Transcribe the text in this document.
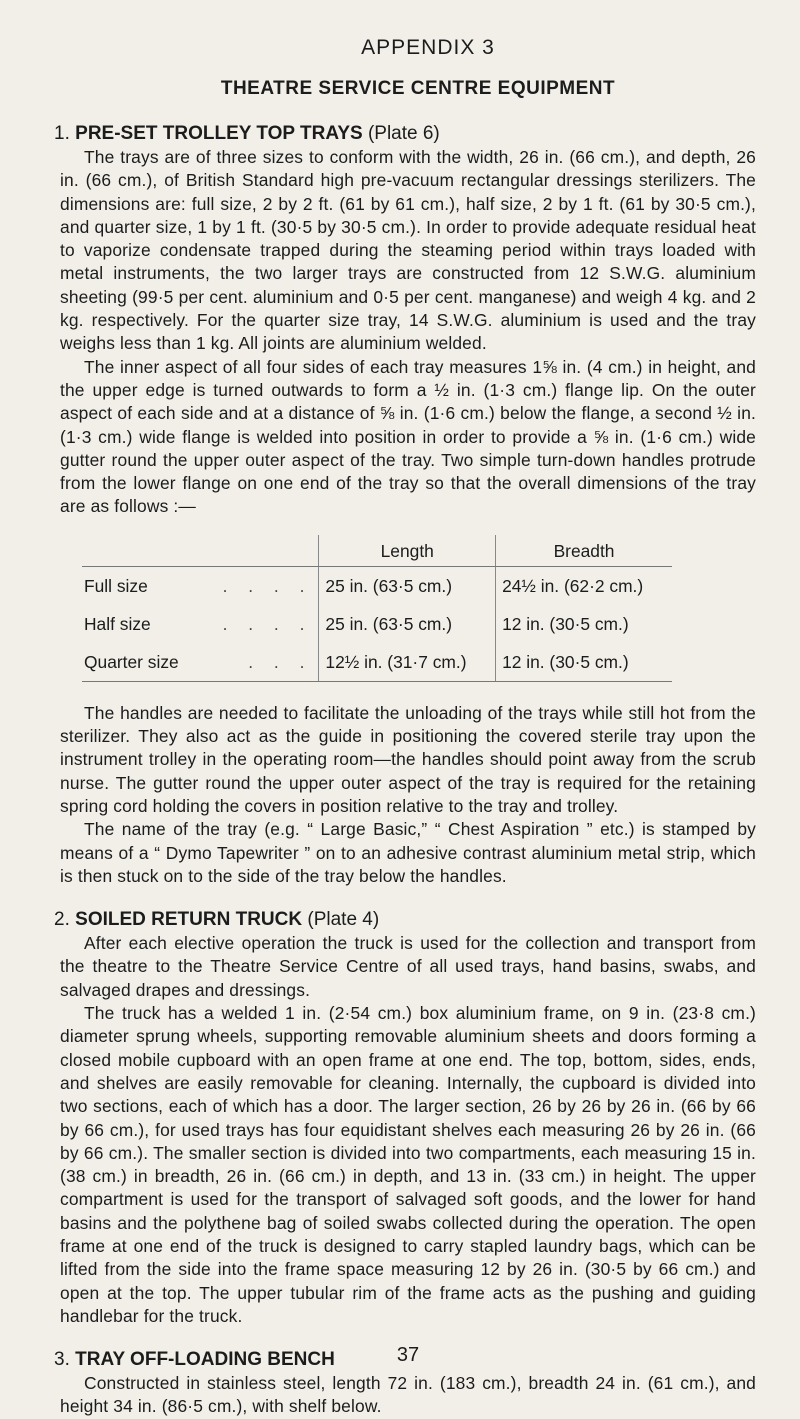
APPENDIX 3
THEATRE SERVICE CENTRE EQUIPMENT
1. PRE-SET TROLLEY TOP TRAYS (Plate 6)

The trays are of three sizes to conform with the width, 26 in. (66 cm.), and depth, 26 in. (66 cm.), of British Standard high pre-vacuum rectangular dressings sterilizers. The dimensions are: full size, 2 by 2 ft. (61 by 61 cm.), half size, 2 by 1 ft. (61 by 30·5 cm.), and quarter size, 1 by 1 ft. (30·5 by 30·5 cm.). In order to provide adequate residual heat to vaporize condensate trapped during the steaming period within trays loaded with metal instruments, the two larger trays are constructed from 12 S.W.G. aluminium sheeting (99·5 per cent. aluminium and 0·5 per cent. manganese) and weigh 4 kg. and 2 kg. respectively. For the quarter size tray, 14 S.W.G. aluminium is used and the tray weighs less than 1 kg. All joints are aluminium welded.

The inner aspect of all four sides of each tray measures 1⅝ in. (4 cm.) in height, and the upper edge is turned outwards to form a ½ in. (1·3 cm.) flange lip. On the outer aspect of each side and at a distance of ⅝ in. (1·6 cm.) below the flange, a second ½ in. (1·3 cm.) wide flange is welded into position in order to provide a ⅝ in. (1·6 cm.) wide gutter round the upper outer aspect of the tray. Two simple turn-down handles protrude from the lower flange on one end of the tray so that the overall dimensions of the tray are as follows :—

	Length	Breadth

Full size . . . .	25 in. (63·5 cm.)	24½ in. (62·2 cm.)

Half size . . . .	25 in. (63·5 cm.)	12 in. (30·5 cm.)

Quarter size . . .	12½ in. (31·7 cm.)	12 in. (30·5 cm.)

The handles are needed to facilitate the unloading of the trays while still hot from the sterilizer. They also act as the guide in positioning the covered sterile tray upon the instrument trolley in the operating room—the handles should point away from the scrub nurse. The gutter round the upper outer aspect of the tray is required for the retaining spring cord holding the covers in position relative to the tray and trolley.

The name of the tray (e.g. “ Large Basic,” “ Chest Aspiration ” etc.) is stamped by means of a “ Dymo Tapewriter ” on to an adhesive contrast aluminium metal strip, which is then stuck on to the side of the tray below the handles.

2. SOILED RETURN TRUCK (Plate 4)

After each elective operation the truck is used for the collection and transport from the theatre to the Theatre Service Centre of all used trays, hand basins, swabs, and salvaged drapes and dressings.

The truck has a welded 1 in. (2·54 cm.) box aluminium frame, on 9 in. (23·8 cm.) diameter sprung wheels, supporting removable aluminium sheets and doors forming a closed mobile cupboard with an open frame at one end. The top, bottom, sides, ends, and shelves are easily removable for cleaning. Internally, the cupboard is divided into two sections, each of which has a door. The larger section, 26 by 26 by 26 in. (66 by 66 by 66 cm.), for used trays has four equidistant shelves each measuring 26 by 26 in. (66 by 66 cm.). The smaller section is divided into two compartments, each measuring 15 in. (38 cm.) in breadth, 26 in. (66 cm.) in depth, and 13 in. (33 cm.) in height. The upper compartment is used for the transport of salvaged soft goods, and the lower for hand basins and the polythene bag of soiled swabs collected during the operation. The open frame at one end of the truck is designed to carry stapled laundry bags, which can be lifted from the side into the frame space measuring 12 by 26 in. (30·5 by 66 cm.) and open at the top. The upper tubular rim of the frame acts as the pushing and guiding handlebar for the truck.

3. TRAY OFF-LOADING BENCH

Constructed in stainless steel, length 72 in. (183 cm.), breadth 24 in. (61 cm.), and height 34 in. (86·5 cm.), with shelf below.

37
